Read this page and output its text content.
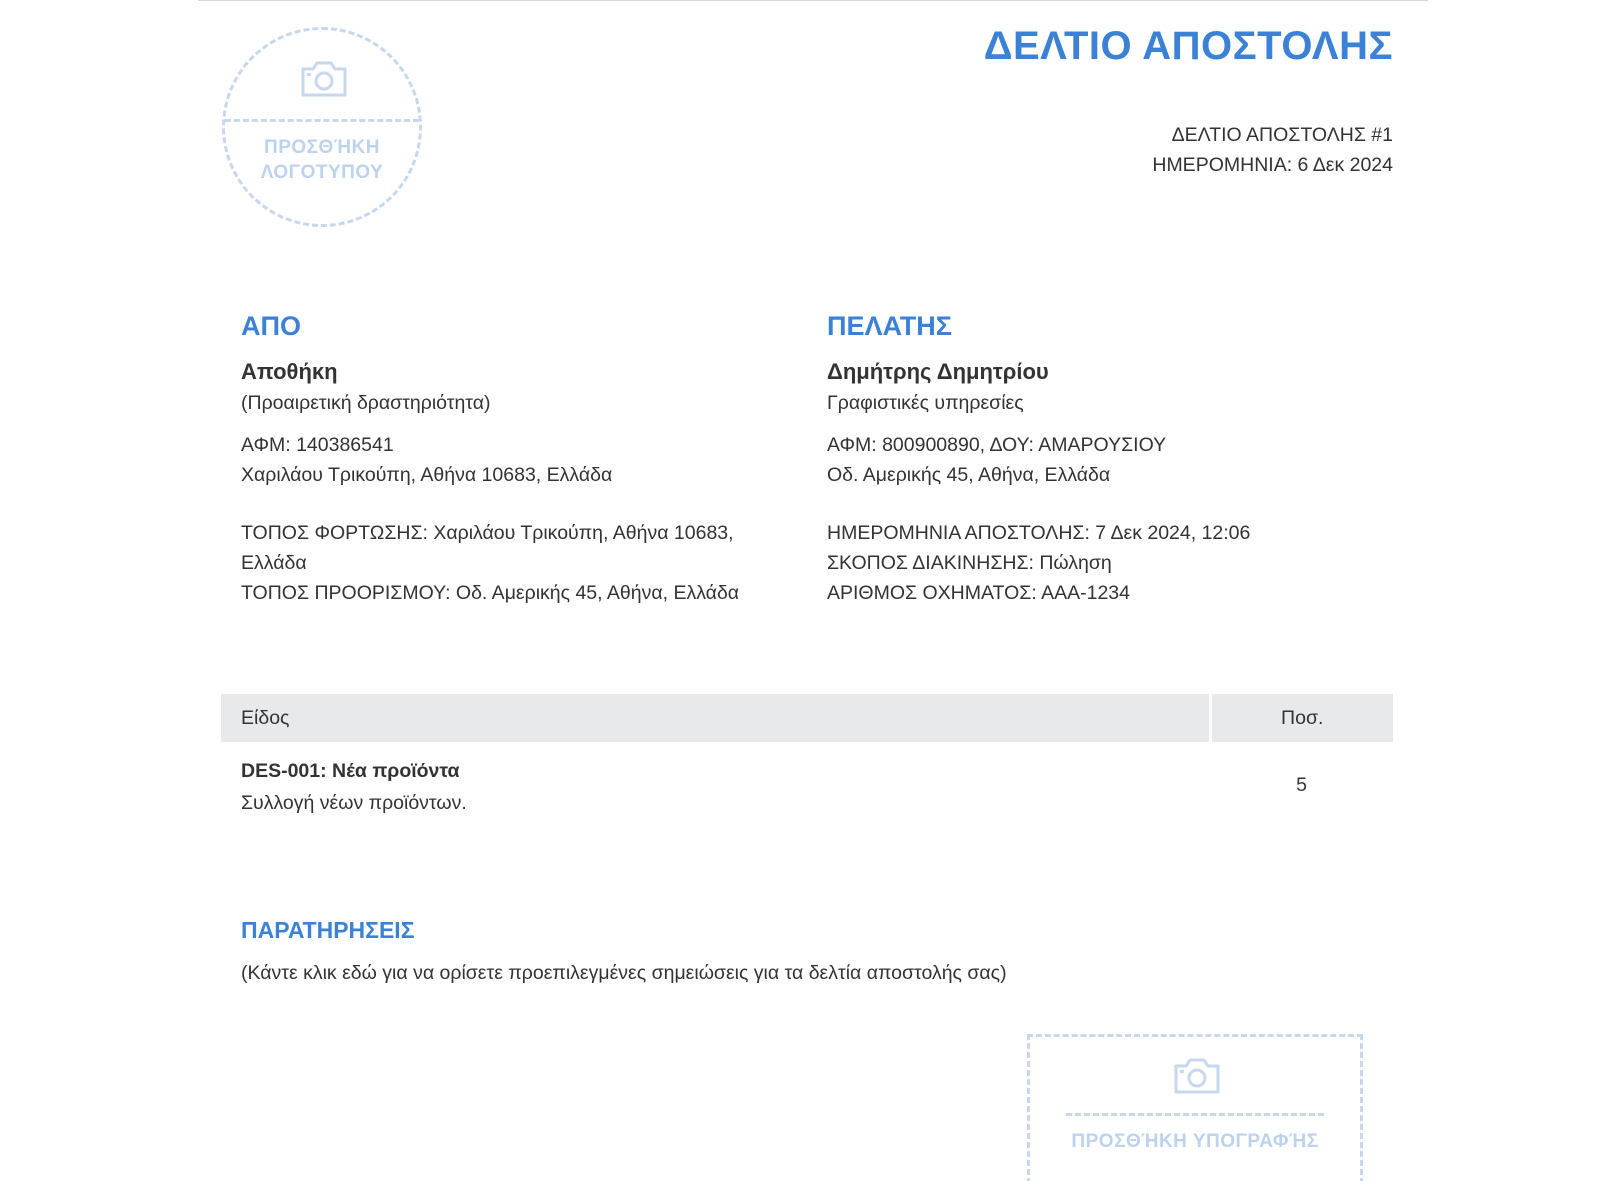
ΠΡΟΣΘΉΚΗ
ΛΟΓΟΤΥΠΟΥ
ΔΕΛΤΙΟ ΑΠΟΣΤΟΛΗΣ
ΔΕΛΤΙΟ ΑΠΟΣΤΟΛΗΣ #1
ΗΜΕΡΟΜΗΝΙΑ: 6 Δεκ 2024
ΑΠΟ
Αποθήκη
(Προαιρετική δραστηριότητα)
ΑΦΜ: 140386541
Χαριλάου Τρικούπη, Αθήνα 10683, Ελλάδα
ΤΟΠΟΣ ΦΟΡΤΩΣΗΣ: Χαριλάου Τρικούπη, Αθήνα 10683,
Ελλάδα
ΤΟΠΟΣ ΠΡΟΟΡΙΣΜΟΥ: Οδ. Αμερικής 45, Αθήνα, Ελλάδα
ΠΕΛΑΤΗΣ
Δημήτρης Δημητρίου
Γραφιστικές υπηρεσίες
ΑΦΜ: 800900890, ΔΟΥ: ΑΜΑΡΟΥΣΙΟΥ
Οδ. Αμερικής 45, Αθήνα, Ελλάδα
ΗΜΕΡΟΜΗΝΙΑ ΑΠΟΣΤΟΛΗΣ: 7 Δεκ 2024, 12:06
ΣΚΟΠΟΣ ΔΙΑΚΙΝΗΣΗΣ: Πώληση
ΑΡΙΘΜΟΣ ΟΧΗΜΑΤΟΣ: ΑΑΑ-1234
Είδος	Ποσ.

DES-001: Νέα προϊόντα
Συλλογή νέων προϊόντων.	5
ΠΑΡΑΤΗΡΗΣΕΙΣ
(Κάντε κλικ εδώ για να ορίσετε προεπιλεγμένες σημειώσεις για τα δελτία αποστολής σας)
ΠΡΟΣΘΉΚΗ ΥΠΟΓΡΑΦΉΣ
